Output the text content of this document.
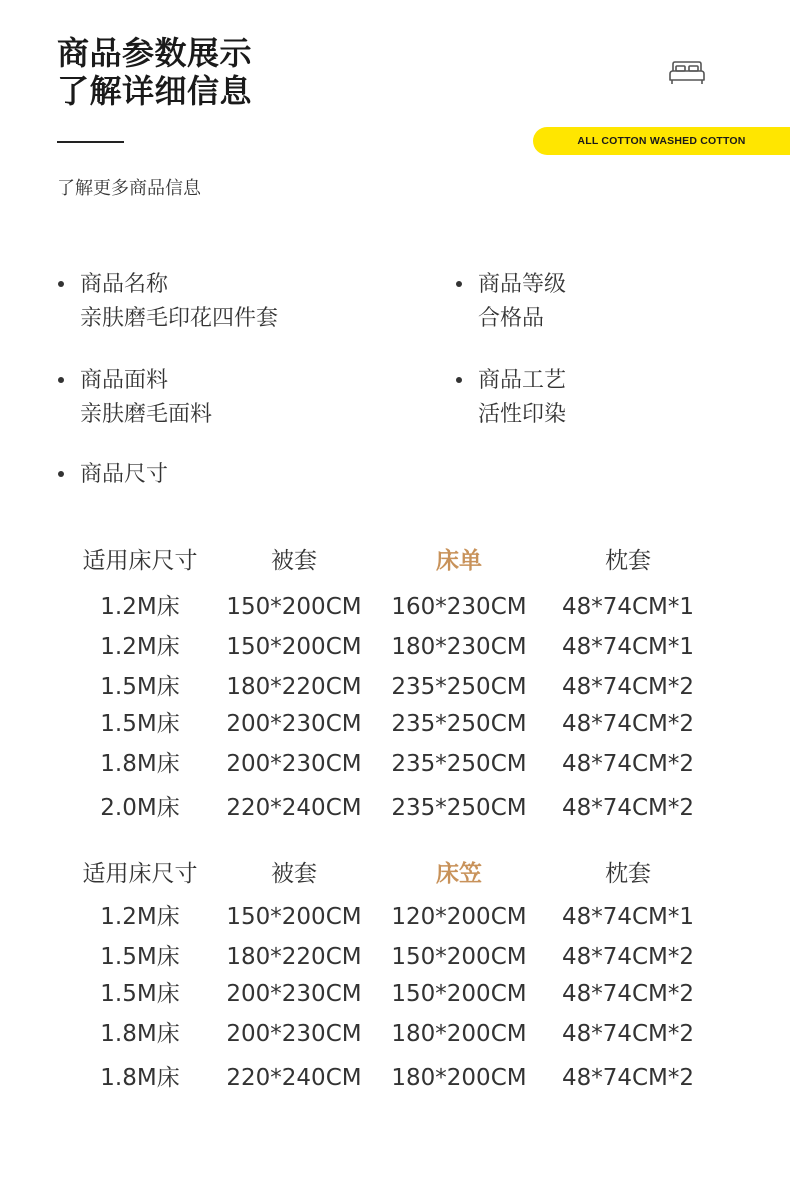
商品参数展示
了解详细信息
ALL COTTON WASHED COTTON
了解更多商品信息
商品名称
亲肤磨毛印花四件套
商品等级
合格品
商品面料
亲肤磨毛面料
商品工艺
活性印染
商品尺寸
适用床尺寸	被套	床单	枕套
1.2M床	150*200CM	160*230CM	48*74CM*1
1.2M床	150*200CM	180*230CM	48*74CM*1
1.5M床	180*220CM	235*250CM	48*74CM*2
1.5M床	200*230CM	235*250CM	48*74CM*2
1.8M床	200*230CM	235*250CM	48*74CM*2
2.0M床	220*240CM	235*250CM	48*74CM*2
适用床尺寸	被套	床笠	枕套
1.2M床	150*200CM	120*200CM	48*74CM*1
1.5M床	180*220CM	150*200CM	48*74CM*2
1.5M床	200*230CM	150*200CM	48*74CM*2
1.8M床	200*230CM	180*200CM	48*74CM*2
1.8M床	220*240CM	180*200CM	48*74CM*2
